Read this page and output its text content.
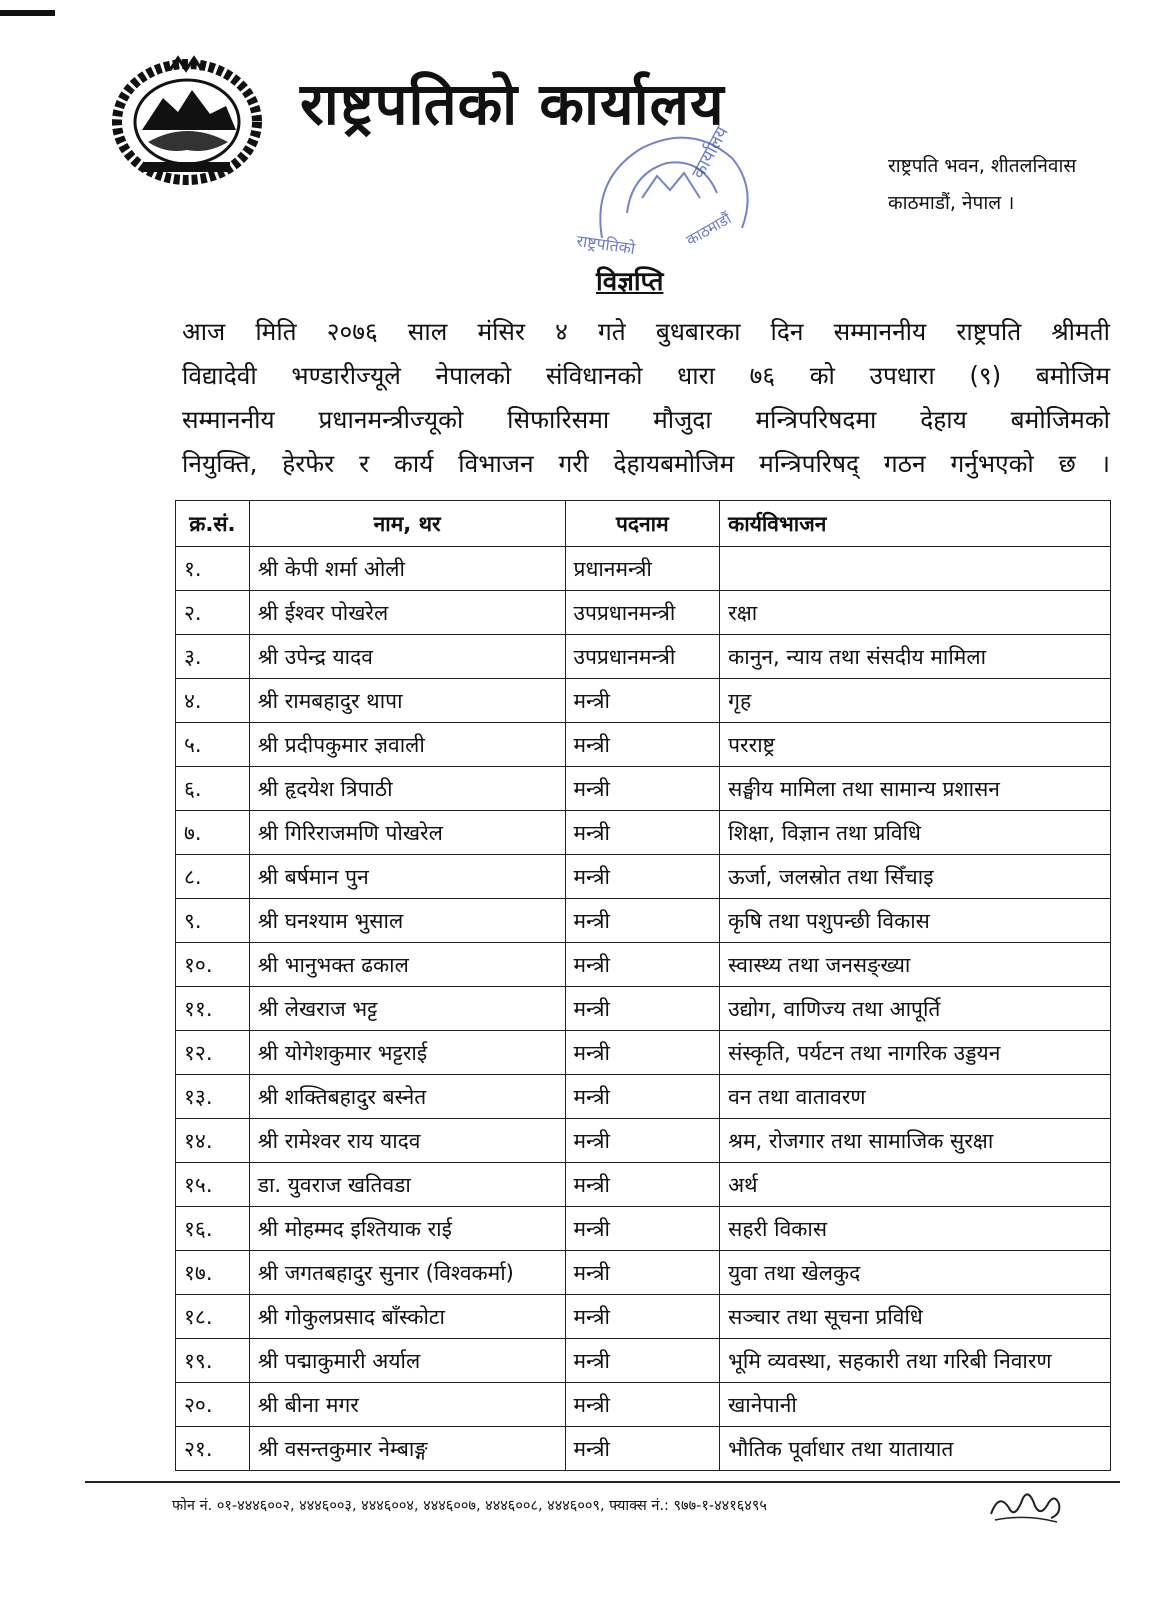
राष्ट्रपतिको कार्यालय
राष्ट्रपति भवन, शीतलनिवास
काठमाडौं, नेपाल ।
कार्यालय
राष्ट्रपतिको	काठमाडौं
विज्ञप्ति
आज मिति २०७६ साल मंसिर ४ गते बुधबारका दिन सम्माननीय राष्ट्रपति श्रीमती
विद्यादेवी भण्डारीज्यूले नेपालको संविधानको धारा ७६ को उपधारा (९) बमोजिम
सम्माननीय प्रधानमन्त्रीज्यूको सिफारिसमा मौजुदा मन्त्रिपरिषदमा देहाय बमोजिमको
नियुक्ति, हेरफेर र कार्य विभाजन गरी देहायबमोजिम मन्त्रिपरिषद् गठन गर्नुभएको छ ।
क्र.सं.	नाम, थर	पदनाम	कार्यविभाजन
१.	श्री केपी शर्मा ओली	प्रधानमन्त्री	
२.	श्री ईश्वर पोखरेल	उपप्रधानमन्त्री	रक्षा
३.	श्री उपेन्द्र यादव	उपप्रधानमन्त्री	कानुन, न्याय तथा संसदीय मामिला
४.	श्री रामबहादुर थापा	मन्त्री	गृह
५.	श्री प्रदीपकुमार ज्ञवाली	मन्त्री	परराष्ट्र
६.	श्री हृदयेश त्रिपाठी	मन्त्री	सङ्घीय मामिला तथा सामान्य प्रशासन
७.	श्री गिरिराजमणि पोखरेल	मन्त्री	शिक्षा, विज्ञान तथा प्रविधि
८.	श्री बर्षमान पुन	मन्त्री	ऊर्जा, जलस्रोत तथा सिँचाइ
९.	श्री घनश्याम भुसाल	मन्त्री	कृषि तथा पशुपन्छी विकास
१०.	श्री भानुभक्त ढकाल	मन्त्री	स्वास्थ्य तथा जनसङ्ख्या
११.	श्री लेखराज भट्ट	मन्त्री	उद्योग, वाणिज्य तथा आपूर्ति
१२.	श्री योगेशकुमार भट्टराई	मन्त्री	संस्कृति, पर्यटन तथा नागरिक उड्डयन
१३.	श्री शक्तिबहादुर बस्नेत	मन्त्री	वन तथा वातावरण
१४.	श्री रामेश्वर राय यादव	मन्त्री	श्रम, रोजगार तथा सामाजिक सुरक्षा
१५.	डा. युवराज खतिवडा	मन्त्री	अर्थ
१६.	श्री मोहम्मद इश्तियाक राई	मन्त्री	सहरी विकास
१७.	श्री जगतबहादुर सुनार (विश्वकर्मा)	मन्त्री	युवा तथा खेलकुद
१८.	श्री गोकुलप्रसाद बाँस्कोटा	मन्त्री	सञ्चार तथा सूचना प्रविधि
१९.	श्री पद्माकुमारी अर्याल	मन्त्री	भूमि व्यवस्था, सहकारी तथा गरिबी निवारण
२०.	श्री बीना मगर	मन्त्री	खानेपानी
२१.	श्री वसन्तकुमार नेम्बाङ्ग	मन्त्री	भौतिक पूर्वाधार तथा यातायात
फोन नं. ०१-४४४६००२, ४४४६००३, ४४४६००४, ४४४६००७, ४४४६००८, ४४४६००९, फ्याक्स नं.: ९७७-१-४४१६४९५
